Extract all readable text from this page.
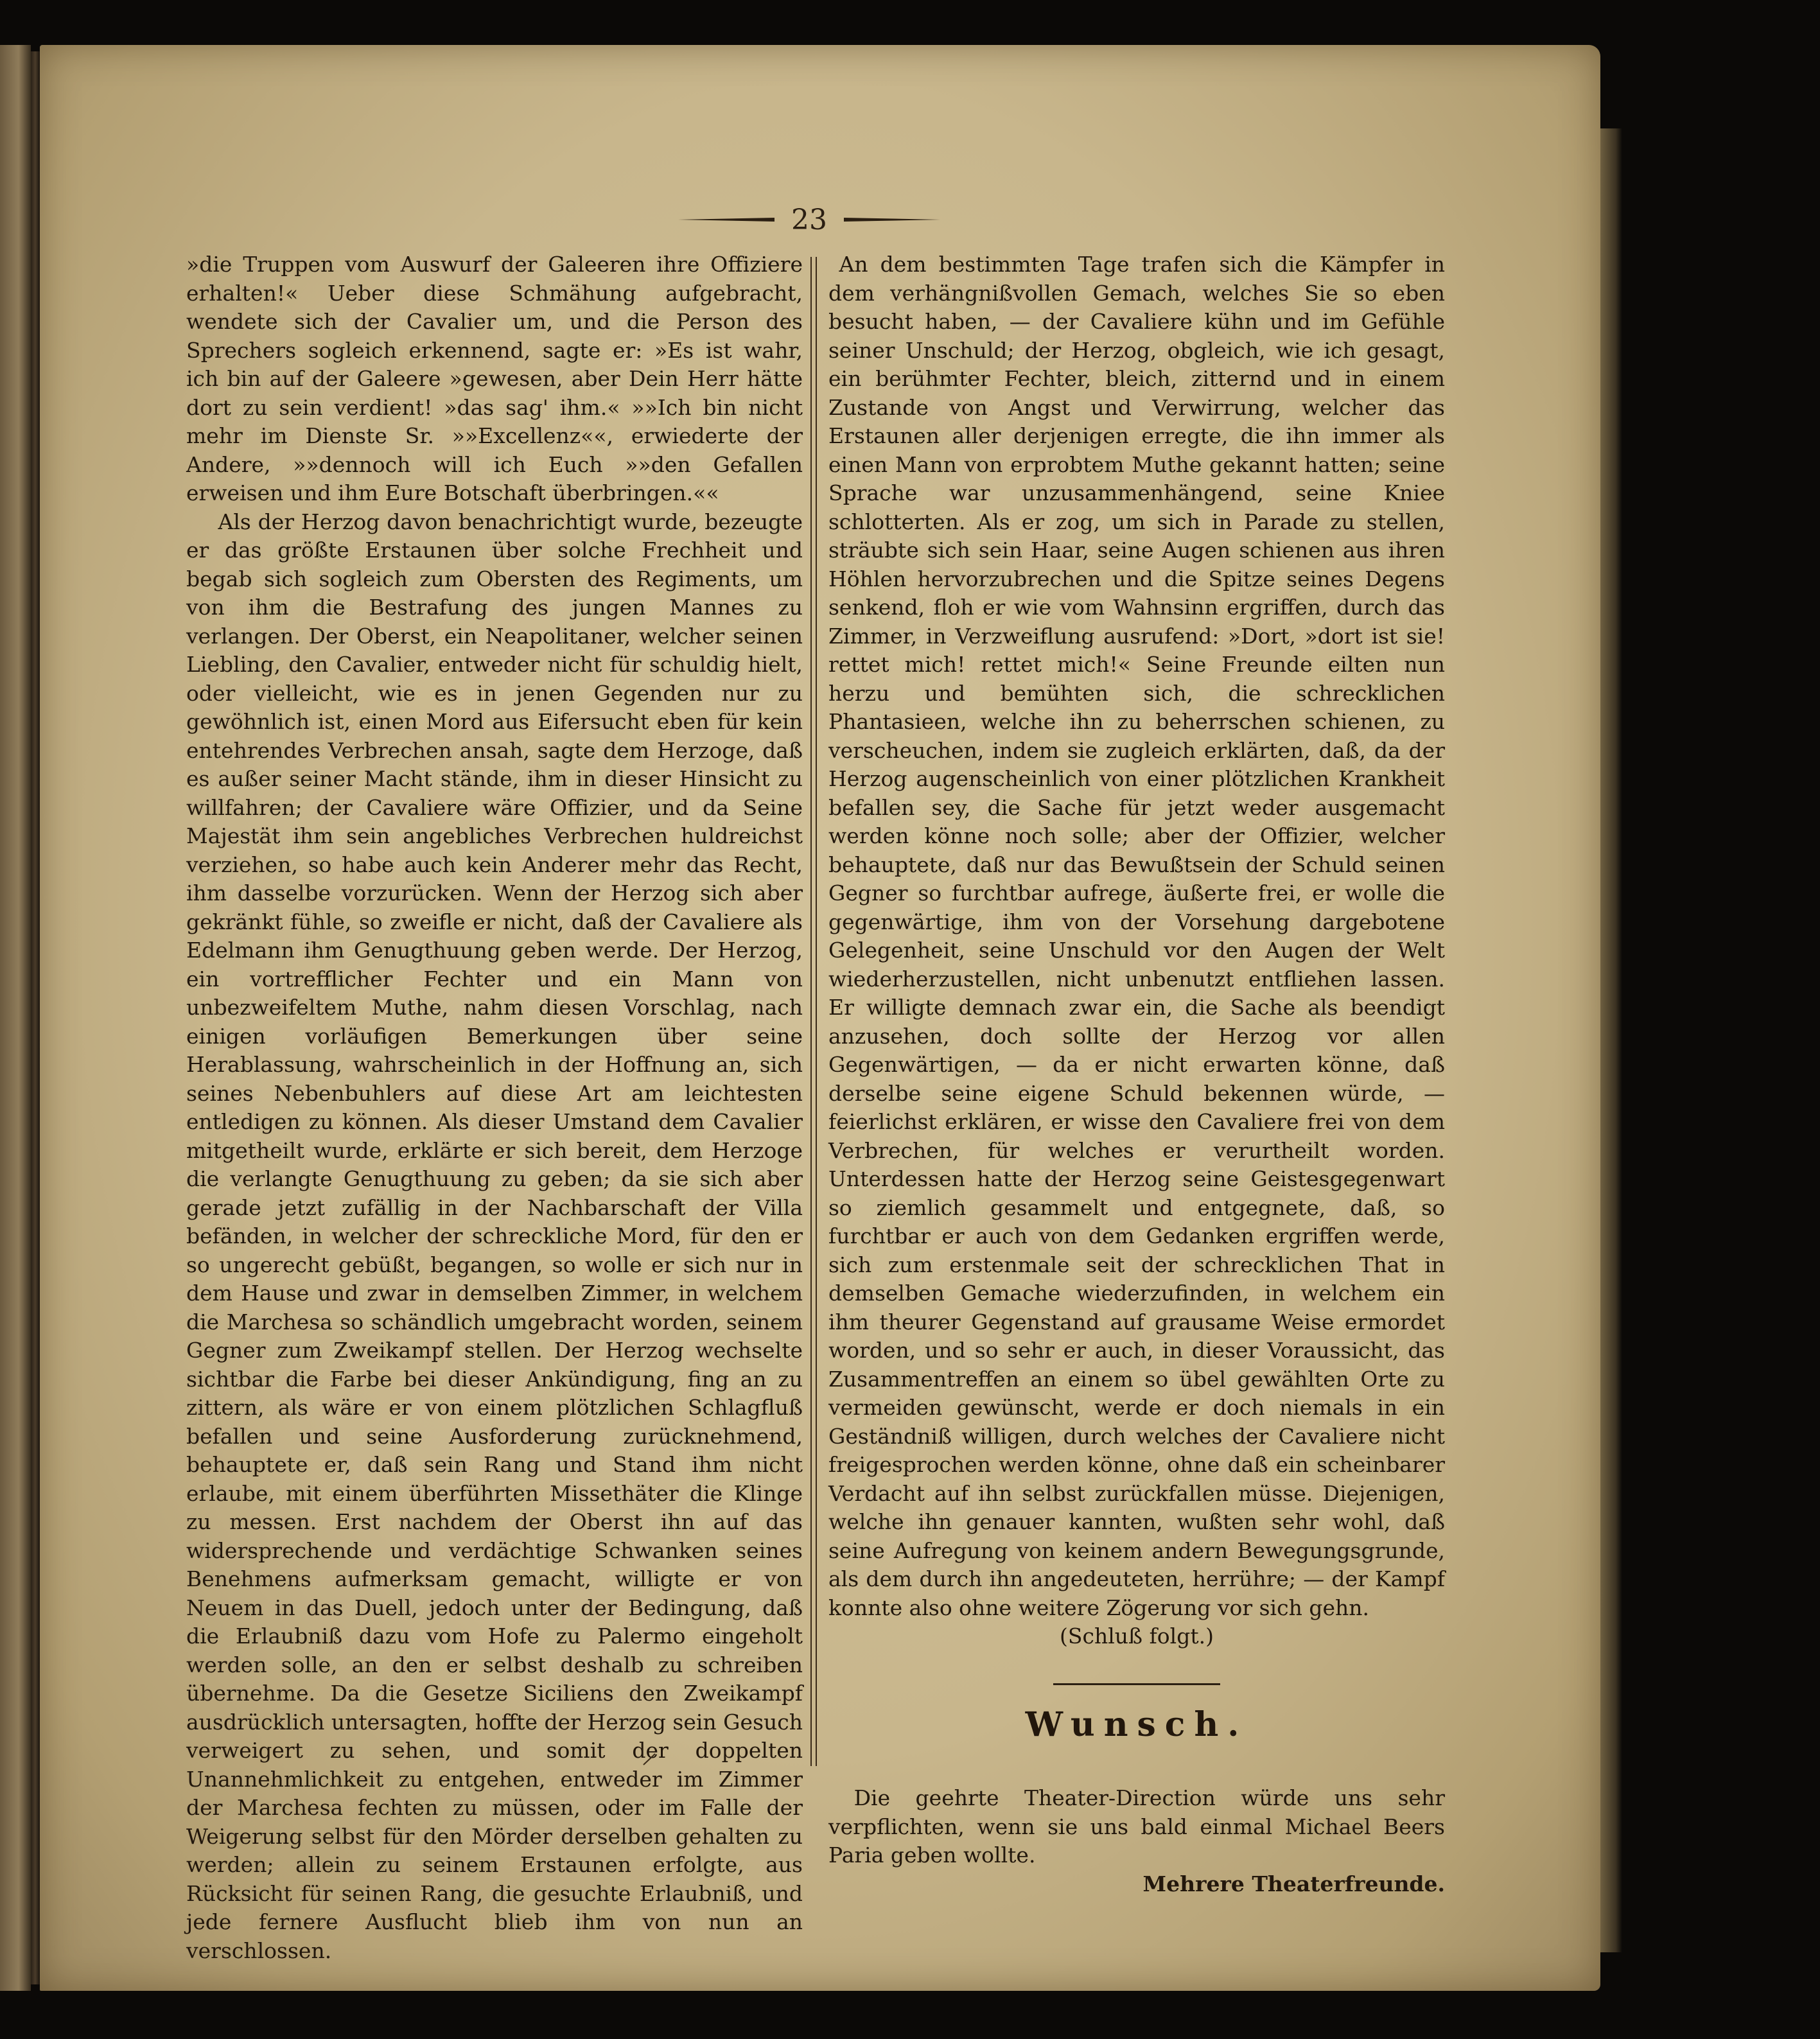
23

»die Truppen vom Auswurf der Galeeren ihre Offiziere erhalten!« Ueber diese Schmähung aufgebracht, wendete sich der Cavalier um, und die Person des Sprechers sogleich erkennend, sagte er: »Es ist wahr, ich bin auf der Galeere »gewesen, aber Dein Herr hätte dort zu sein verdient! »das sag' ihm.« »»Ich bin nicht mehr im Dienste Sr. »»Excellenz««, erwiederte der Andere, »»dennoch will ich Euch »»den Gefallen erweisen und ihm Eure Botschaft überbringen.««

Als der Herzog davon benachrichtigt wurde, bezeugte er das größte Erstaunen über solche Frechheit und begab sich sogleich zum Obersten des Regiments, um von ihm die Bestrafung des jungen Mannes zu verlangen. Der Oberst, ein Neapolitaner, welcher seinen Liebling, den Cavalier, entweder nicht für schuldig hielt, oder vielleicht, wie es in jenen Gegenden nur zu gewöhnlich ist, einen Mord aus Eifersucht eben für kein entehrendes Verbrechen ansah, sagte dem Herzoge, daß es außer seiner Macht stände, ihm in dieser Hinsicht zu willfahren; der Cavaliere wäre Offizier, und da Seine Majestät ihm sein angebliches Verbrechen huldreichst verziehen, so habe auch kein Anderer mehr das Recht, ihm dasselbe vorzurücken. Wenn der Herzog sich aber gekränkt fühle, so zweifle er nicht, daß der Cavaliere als Edelmann ihm Genugthuung geben werde. Der Herzog, ein vortrefflicher Fechter und ein Mann von unbezweifeltem Muthe, nahm diesen Vorschlag, nach einigen vorläufigen Bemerkungen über seine Herablassung, wahrscheinlich in der Hoffnung an, sich seines Nebenbuhlers auf diese Art am leichtesten entledigen zu können. Als dieser Umstand dem Cavalier mitgetheilt wurde, erklärte er sich bereit, dem Herzoge die verlangte Genugthuung zu geben; da sie sich aber gerade jetzt zufällig in der Nachbarschaft der Villa befänden, in welcher der schreckliche Mord, für den er so ungerecht gebüßt, begangen, so wolle er sich nur in dem Hause und zwar in demselben Zimmer, in welchem die Marchesa so schändlich umgebracht worden, seinem Gegner zum Zweikampf stellen. Der Herzog wechselte sichtbar die Farbe bei dieser Ankündigung, fing an zu zittern, als wäre er von einem plötzlichen Schlagfluß befallen und seine Ausforderung zurücknehmend, behauptete er, daß sein Rang und Stand ihm nicht erlaube, mit einem überführten Missethäter die Klinge zu messen. Erst nachdem der Oberst ihn auf das widersprechende und verdächtige Schwanken seines Benehmens aufmerksam gemacht, willigte er von Neuem in das Duell, jedoch unter der Bedingung, daß die Erlaubniß dazu vom Hofe zu Palermo eingeholt werden solle, an den er selbst deshalb zu schreiben übernehme. Da die Gesetze Siciliens den Zweikampf ausdrücklich untersagten, hoffte der Herzog sein Gesuch verweigert zu sehen, und somit der doppelten Unannehmlichkeit zu entgehen, entweder im Zimmer der Marchesa fechten zu müssen, oder im Falle der Weigerung selbst für den Mörder derselben gehalten zu werden; allein zu seinem Erstaunen erfolgte, aus Rücksicht für seinen Rang, die gesuchte Erlaubniß, und jede fernere Ausflucht blieb ihm von nun an verschlossen.

An dem bestimmten Tage trafen sich die Kämpfer in dem verhängnißvollen Gemach, welches Sie so eben besucht haben, — der Cavaliere kühn und im Gefühle seiner Unschuld; der Herzog, obgleich, wie ich gesagt, ein berühmter Fechter, bleich, zitternd und in einem Zustande von Angst und Verwirrung, welcher das Erstaunen aller derjenigen erregte, die ihn immer als einen Mann von erprobtem Muthe gekannt hatten; seine Sprache war unzusammenhängend, seine Kniee schlotterten. Als er zog, um sich in Parade zu stellen, sträubte sich sein Haar, seine Augen schienen aus ihren Höhlen hervorzubrechen und die Spitze seines Degens senkend, floh er wie vom Wahnsinn ergriffen, durch das Zimmer, in Verzweiflung ausrufend: »Dort, »dort ist sie! rettet mich! rettet mich!« Seine Freunde eilten nun herzu und bemühten sich, die schrecklichen Phantasieen, welche ihn zu beherrschen schienen, zu verscheuchen, indem sie zugleich erklärten, daß, da der Herzog augenscheinlich von einer plötzlichen Krankheit befallen sey, die Sache für jetzt weder ausgemacht werden könne noch solle; aber der Offizier, welcher behauptete, daß nur das Bewußtsein der Schuld seinen Gegner so furchtbar aufrege, äußerte frei, er wolle die gegenwärtige, ihm von der Vorsehung dargebotene Gelegenheit, seine Unschuld vor den Augen der Welt wiederherzustellen, nicht unbenutzt entfliehen lassen. Er willigte demnach zwar ein, die Sache als beendigt anzusehen, doch sollte der Herzog vor allen Gegenwärtigen, — da er nicht erwarten könne, daß derselbe seine eigene Schuld bekennen würde, — feierlichst erklären, er wisse den Cavaliere frei von dem Verbrechen, für welches er verurtheilt worden. Unterdessen hatte der Herzog seine Geistesgegenwart so ziemlich gesammelt und entgegnete, daß, so furchtbar er auch von dem Gedanken ergriffen werde, sich zum erstenmale seit der schrecklichen That in demselben Gemache wiederzufinden, in welchem ein ihm theurer Gegenstand auf grausame Weise ermordet worden, und so sehr er auch, in dieser Voraussicht, das Zusammentreffen an einem so übel gewählten Orte zu vermeiden gewünscht, werde er doch niemals in ein Geständniß willigen, durch welches der Cavaliere nicht freigesprochen werden könne, ohne daß ein scheinbarer Verdacht auf ihn selbst zurückfallen müsse. Diejenigen, welche ihn genauer kannten, wußten sehr wohl, daß seine Aufregung von keinem andern Bewegungsgrunde, als dem durch ihn angedeuteten, herrühre; — der Kampf konnte also ohne weitere Zögerung vor sich gehn.

(Schluß folgt.)

Wunsch.

Die geehrte Theater-Direction würde uns sehr verpflichten, wenn sie uns bald einmal Michael Beers Paria geben wollte.

Mehrere Theaterfreunde.
